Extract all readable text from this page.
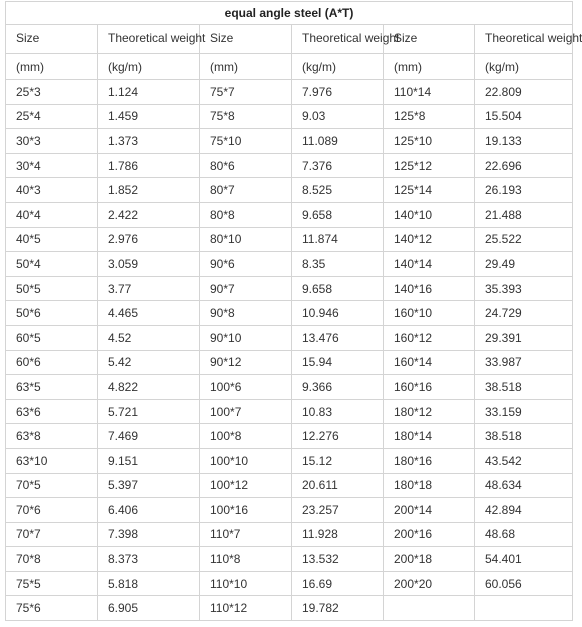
equal angle steel (A*T)					
Size	Theoretical weight	Size	Theoretical weight	Size	Theoretical weight
(mm)	(kg/m)	(mm)	(kg/m)	(mm)	(kg/m)
25*3	1.124	75*7	7.976	110*14	22.809
25*4	1.459	75*8	9.03	125*8	15.504
30*3	1.373	75*10	11.089	125*10	19.133
30*4	1.786	80*6	7.376	125*12	22.696
40*3	1.852	80*7	8.525	125*14	26.193
40*4	2.422	80*8	9.658	140*10	21.488
40*5	2.976	80*10	11.874	140*12	25.522
50*4	3.059	90*6	8.35	140*14	29.49
50*5	3.77	90*7	9.658	140*16	35.393
50*6	4.465	90*8	10.946	160*10	24.729
60*5	4.52	90*10	13.476	160*12	29.391
60*6	5.42	90*12	15.94	160*14	33.987
63*5	4.822	100*6	9.366	160*16	38.518
63*6	5.721	100*7	10.83	180*12	33.159
63*8	7.469	100*8	12.276	180*14	38.518
63*10	9.151	100*10	15.12	180*16	43.542
70*5	5.397	100*12	20.611	180*18	48.634
70*6	6.406	100*16	23.257	200*14	42.894
70*7	7.398	110*7	11.928	200*16	48.68
70*8	8.373	110*8	13.532	200*18	54.401
75*5	5.818	110*10	16.69	200*20	60.056
75*6	6.905	110*12	19.782		
